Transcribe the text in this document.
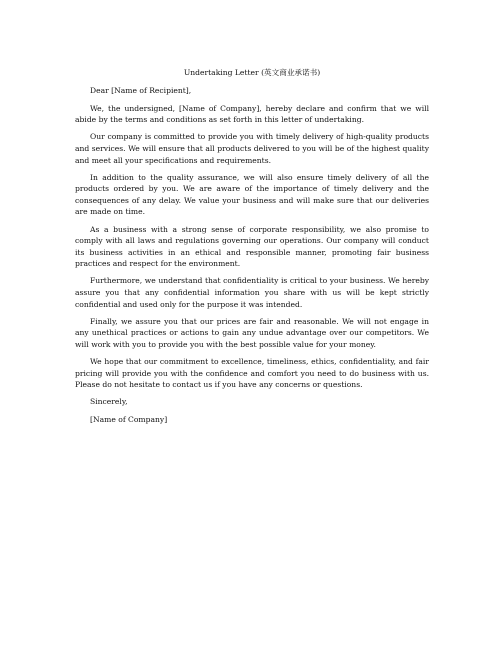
Undertaking Letter (英文商业承诺书)
Dear [Name of Recipient],

We, the undersigned, [Name of Company], hereby declare and confirm that we will abide by the terms and conditions as set forth in this letter of undertaking.

Our company is committed to provide you with timely delivery of high-quality products and services. We will ensure that all products delivered to you will be of the highest quality and meet all your specifications and requirements.

In addition to the quality assurance, we will also ensure timely delivery of all the products ordered by you. We are aware of the importance of timely delivery and the consequences of any delay. We value your business and will make sure that our deliveries are made on time.

As a business with a strong sense of corporate responsibility, we also promise to comply with all laws and regulations governing our operations. Our company will conduct its business activities in an ethical and responsible manner, promoting fair business practices and respect for the environment.

Furthermore, we understand that confidentiality is critical to your business. We hereby assure you that any confidential information you share with us will be kept strictly confidential and used only for the purpose it was intended.

Finally, we assure you that our prices are fair and reasonable. We will not engage in any unethical practices or actions to gain any undue advantage over our competitors. We will work with you to provide you with the best possible value for your money.

We hope that our commitment to excellence, timeliness, ethics, confidentiality, and fair pricing will provide you with the confidence and comfort you need to do business with us. Please do not hesitate to contact us if you have any concerns or questions.

Sincerely,
[Name of Company]
